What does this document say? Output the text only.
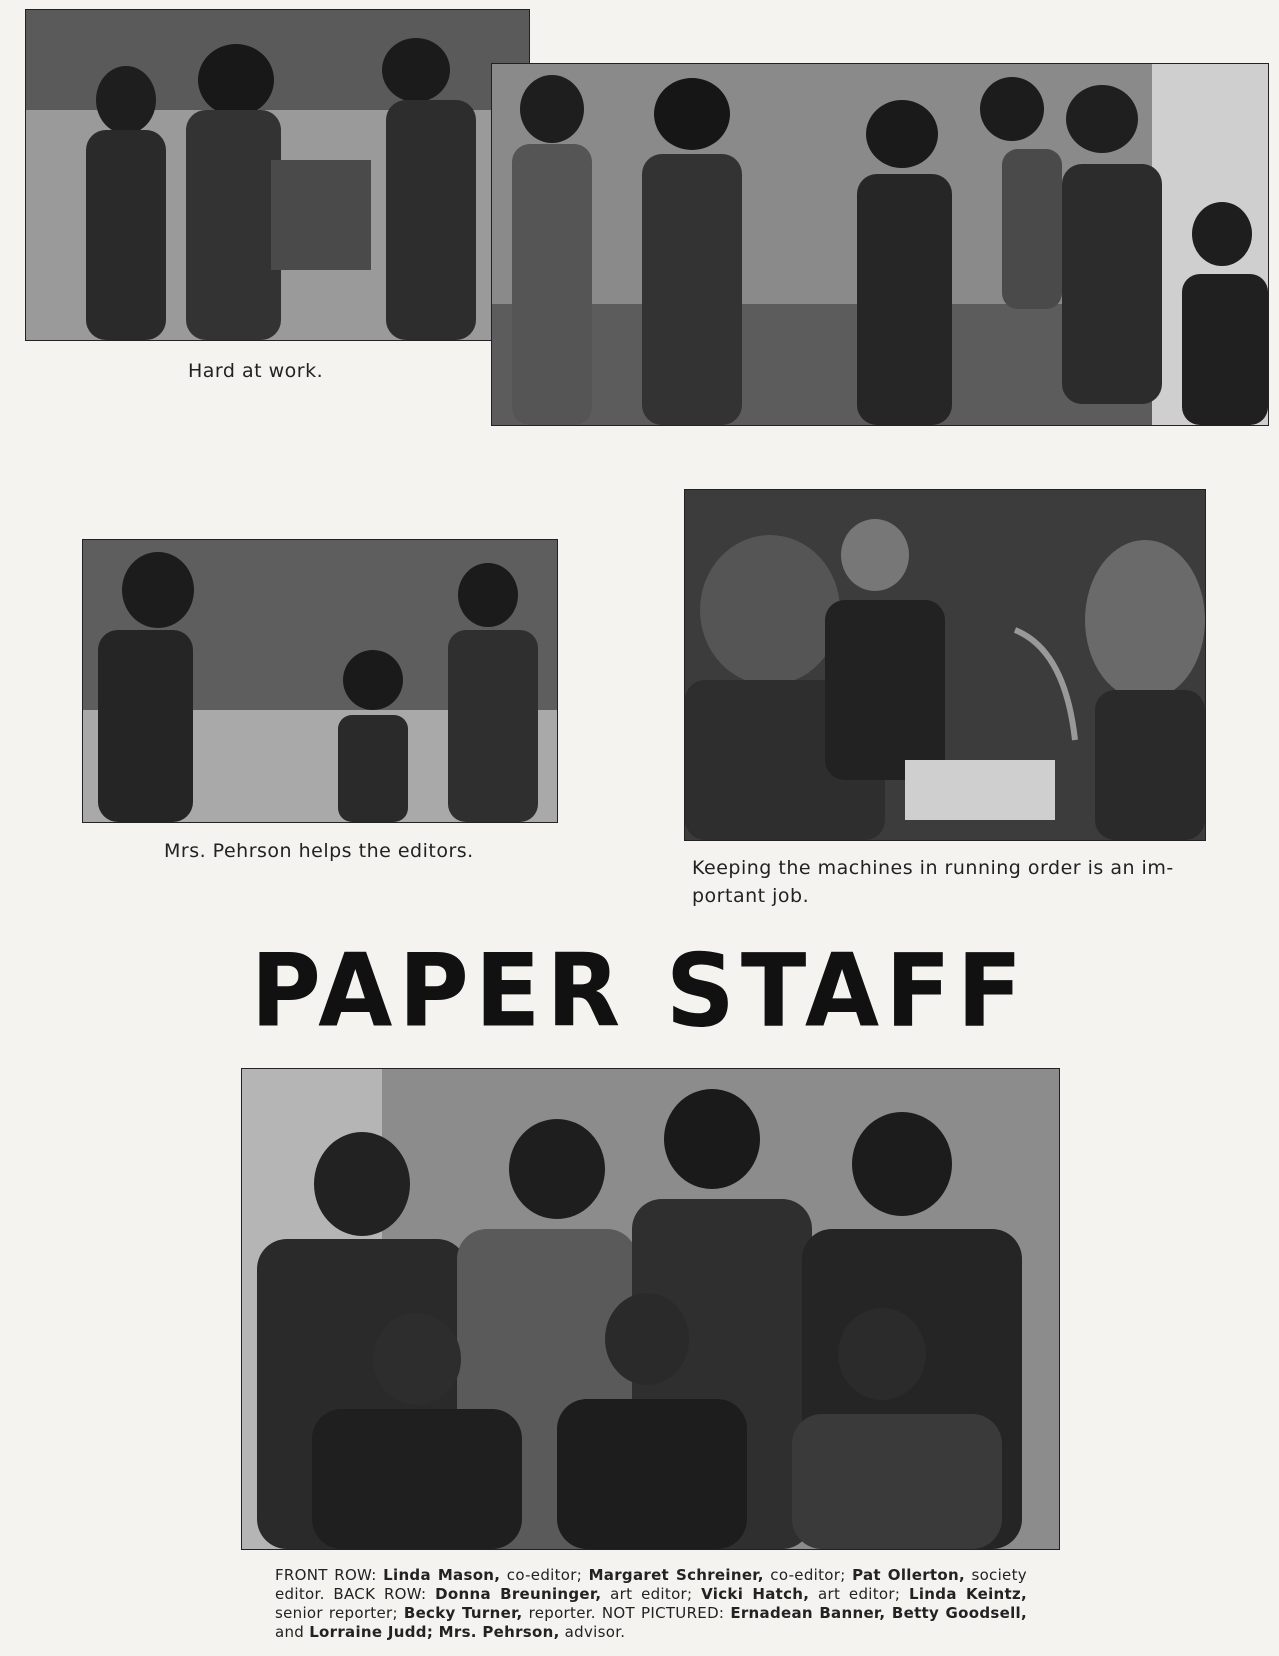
Hard at work.
Mrs. Pehrson helps the editors.
Keeping the machines in running order is an im-
portant job.
PAPER STAFF
FRONT ROW: Linda Mason, co-editor; Margaret Schreiner, co-editor; Pat Ollerton, society editor. BACK ROW: Donna Breuninger, art editor; Vicki Hatch, art editor; Linda Keintz, senior reporter; Becky Turner, reporter. NOT PICTURED: Ernadean Banner, Betty Goodsell, and Lorraine Judd; Mrs. Pehrson, advisor.
